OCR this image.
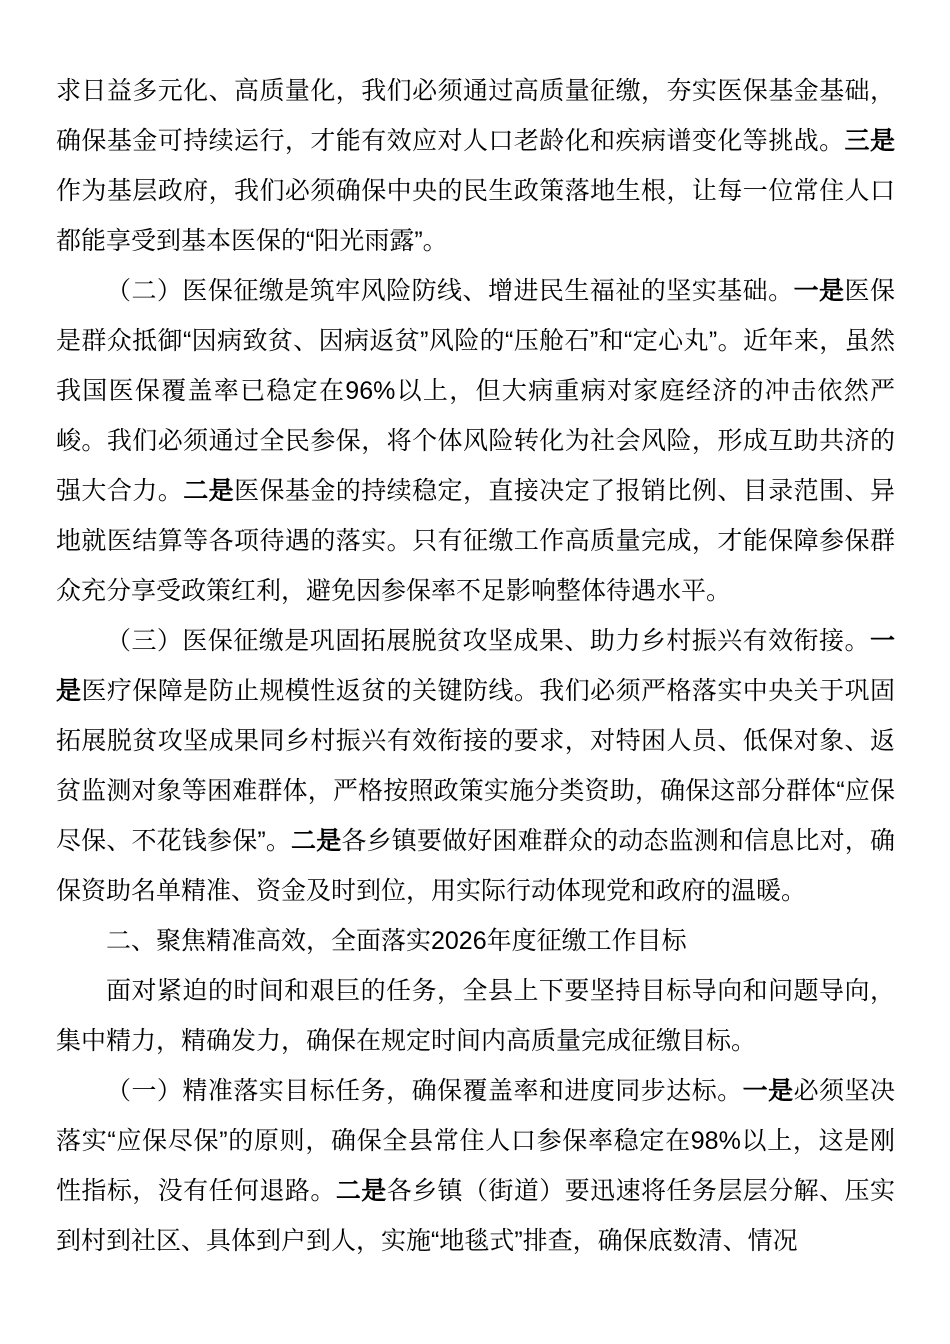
求日益多元化、高质量化，我们必须通过高质量征缴，夯实医保基金基础，确保基金可持续运行，才能有效应对人口老龄化和疾病谱变化等挑战。三是作为基层政府，我们必须确保中央的民生政策落地生根，让每一位常住人口都能享受到基本医保的“阳光雨露”。

（二）医保征缴是筑牢风险防线、增进民生福祉的坚实基础。一是医保是群众抵御“因病致贫、因病返贫”风险的“压舱石”和“定心丸”。近年来，虽然我国医保覆盖率已稳定在96%以上，但大病重病对家庭经济的冲击依然严峻。我们必须通过全民参保，将个体风险转化为社会风险，形成互助共济的强大合力。二是医保基金的持续稳定，直接决定了报销比例、目录范围、异地就医结算等各项待遇的落实。只有征缴工作高质量完成，才能保障参保群众充分享受政策红利，避免因参保率不足影响整体待遇水平。

（三）医保征缴是巩固拓展脱贫攻坚成果、助力乡村振兴有效衔接。一是医疗保障是防止规模性返贫的关键防线。我们必须严格落实中央关于巩固拓展脱贫攻坚成果同乡村振兴有效衔接的要求，对特困人员、低保对象、返贫监测对象等困难群体，严格按照政策实施分类资助，确保这部分群体“应保尽保、不花钱参保”。二是各乡镇要做好困难群众的动态监测和信息比对，确保资助名单精准、资金及时到位，用实际行动体现党和政府的温暖。

二、聚焦精准高效，全面落实2026年度征缴工作目标

面对紧迫的时间和艰巨的任务，全县上下要坚持目标导向和问题导向，集中精力，精确发力，确保在规定时间内高质量完成征缴目标。

（一）精准落实目标任务，确保覆盖率和进度同步达标。一是必须坚决落实“应保尽保”的原则，确保全县常住人口参保率稳定在98%以上，这是刚性指标，没有任何退路。二是各乡镇（街道）要迅速将任务层层分解、压实到村到社区、具体到户到人，实施“地毯式”排查，确保底数清、情况
